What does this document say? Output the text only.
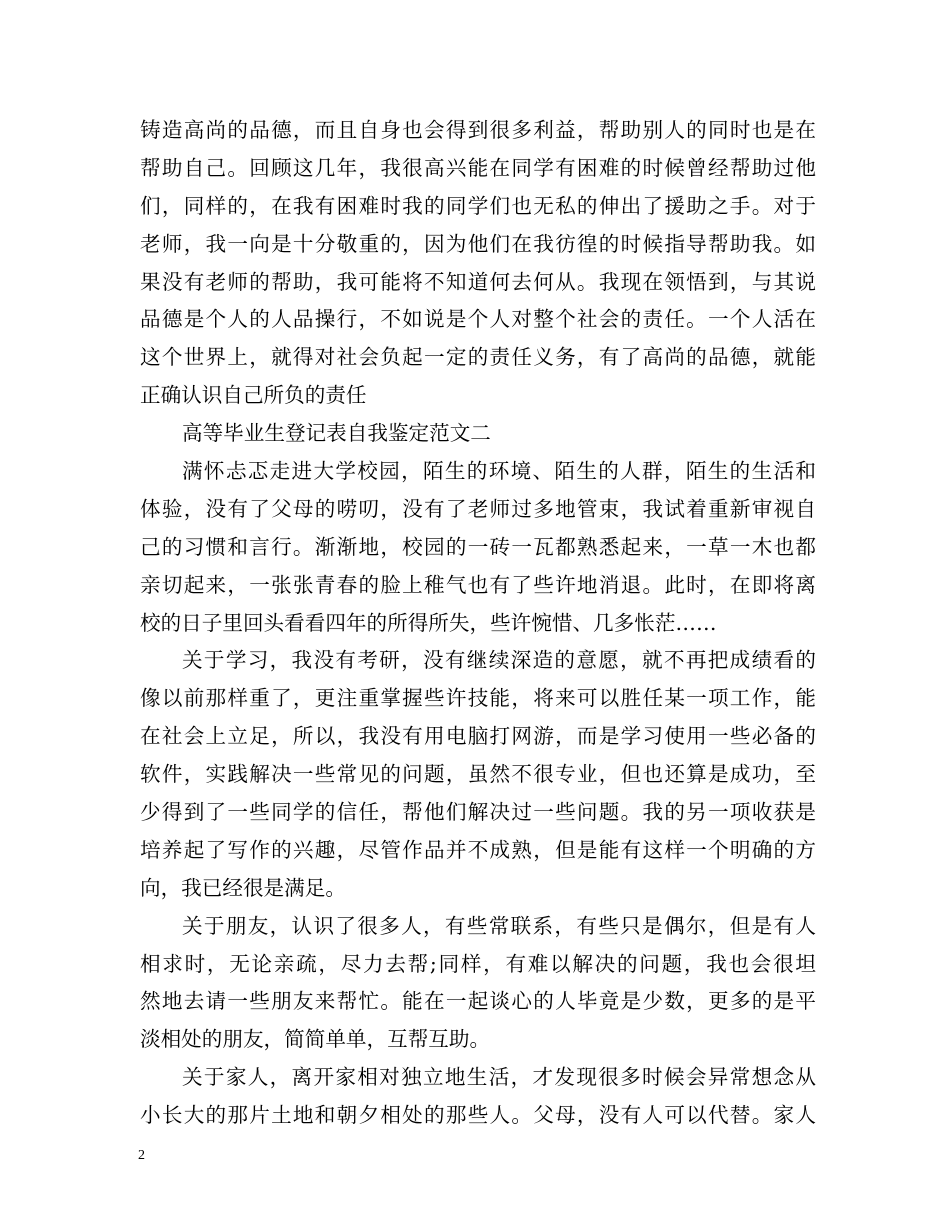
铸造高尚的品德，而且自身也会得到很多利益，帮助别人的同时也是在
帮助自己。回顾这几年，我很高兴能在同学有困难的时候曾经帮助过他
们，同样的，在我有困难时我的同学们也无私的伸出了援助之手。对于
老师，我一向是十分敬重的，因为他们在我彷徨的时候指导帮助我。如
果没有老师的帮助，我可能将不知道何去何从。我现在领悟到，与其说
品德是个人的人品操行，不如说是个人对整个社会的责任。一个人活在
这个世界上，就得对社会负起一定的责任义务，有了高尚的品德，就能
正确认识自己所负的责任
高等毕业生登记表自我鉴定范文二
满怀忐忑走进大学校园，陌生的环境、陌生的人群，陌生的生活和
体验，没有了父母的唠叨，没有了老师过多地管束，我试着重新审视自
己的习惯和言行。渐渐地，校园的一砖一瓦都熟悉起来，一草一木也都
亲切起来，一张张青春的脸上稚气也有了些许地消退。此时，在即将离
校的日子里回头看看四年的所得所失，些许惋惜、几多怅茫……
关于学习，我没有考研，没有继续深造的意愿，就不再把成绩看的
像以前那样重了，更注重掌握些许技能，将来可以胜任某一项工作，能
在社会上立足，所以，我没有用电脑打网游，而是学习使用一些必备的
软件，实践解决一些常见的问题，虽然不很专业，但也还算是成功，至
少得到了一些同学的信任，帮他们解决过一些问题。我的另一项收获是
培养起了写作的兴趣，尽管作品并不成熟，但是能有这样一个明确的方
向，我已经很是满足。
关于朋友，认识了很多人，有些常联系，有些只是偶尔，但是有人
相求时，无论亲疏，尽力去帮;同样，有难以解决的问题，我也会很坦
然地去请一些朋友来帮忙。能在一起谈心的人毕竟是少数，更多的是平
淡相处的朋友，简简单单，互帮互助。
关于家人，离开家相对独立地生活，才发现很多时候会异常想念从
小长大的那片土地和朝夕相处的那些人。父母，没有人可以代替。家人
2
